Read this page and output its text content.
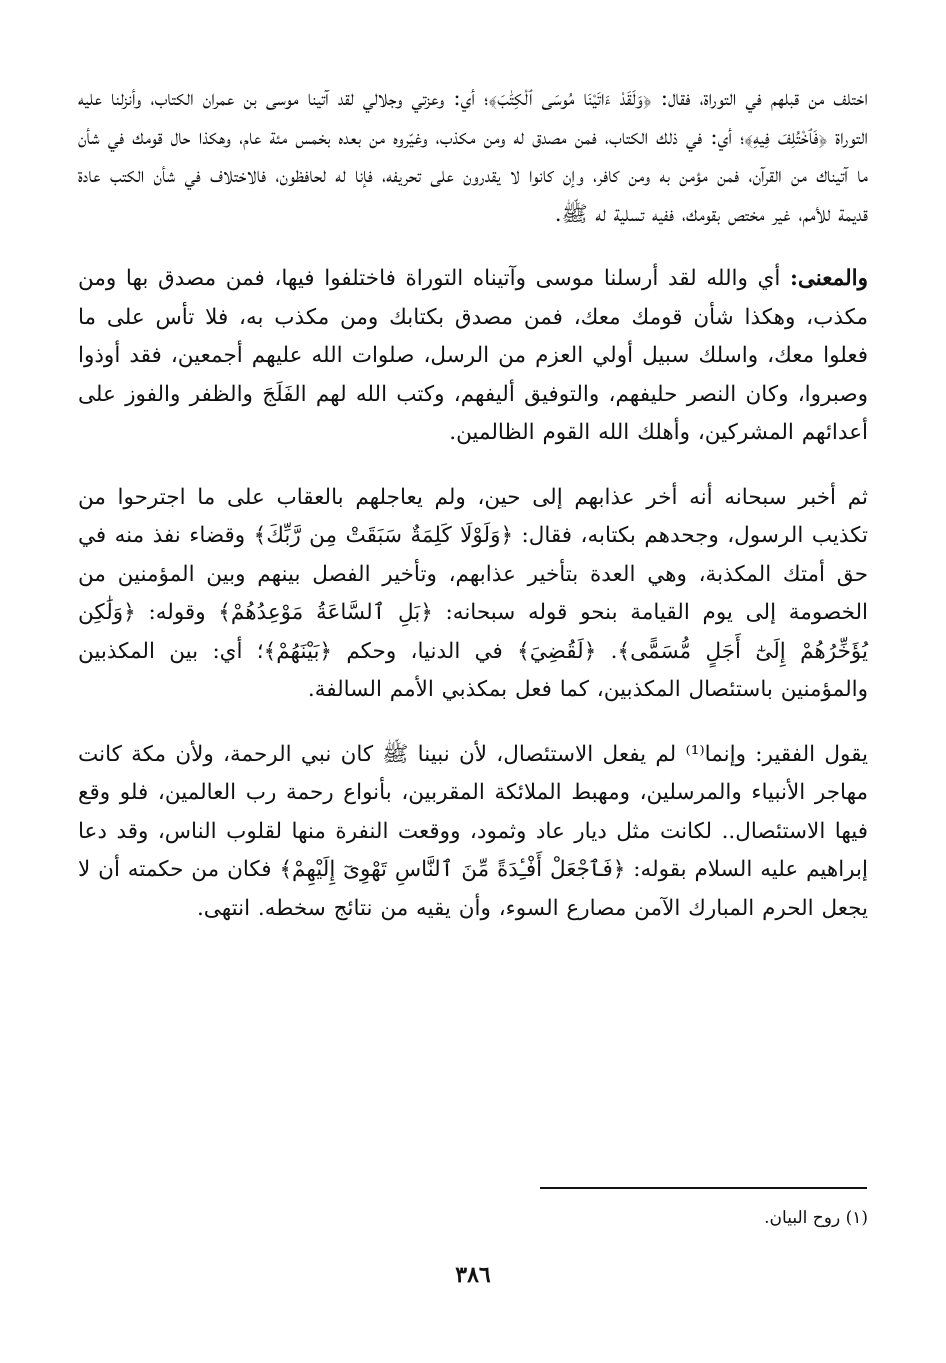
اختلف من قبلهم في التوراة، فقال: ﴿وَلَقَدْ ءَاتَيْنَا مُوسَى ٱلْكِتَٰبَ﴾؛ أي: وعزتي وجلالي لقد آتينا موسى بن عمران الكتاب، وأنزلنا عليه التوراة ﴿فَٱخْتُلِفَ فِيهِ﴾؛ أي: في ذلك الكتاب، فمن مصدق له ومن مكذب، وغيّروه من بعده بخمس مئة عام، وهكذا حال قومك في شأن ما آتيناك من القرآن، فمن مؤمن به ومن كافر، وإن كانوا لا يقدرون على تحريفه، فإنا له لحافظون، فالاختلاف في شأن الكتب عادة قديمة للأمم، غير مختص بقومك، ففيه تسلية له ﷺ.

والمعنى: أي والله لقد أرسلنا موسى وآتيناه التوراة فاختلفوا فيها، فمن مصدق بها ومن مكذب، وهكذا شأن قومك معك، فمن مصدق بكتابك ومن مكذب به، فلا تأس على ما فعلوا معك، واسلك سبيل أولي العزم من الرسل، صلوات الله عليهم أجمعين، فقد أوذوا وصبروا، وكان النصر حليفهم، والتوفيق أليفهم، وكتب الله لهم الفَلَجَ والظفر والفوز على أعدائهم المشركين، وأهلك الله القوم الظالمين.

ثم أخبر سبحانه أنه أخر عذابهم إلى حين، ولم يعاجلهم بالعقاب على ما اجترحوا من تكذيب الرسول، وجحدهم بكتابه، فقال: ﴿وَلَوْلَا كَلِمَةٌ سَبَقَتْ مِن رَّبِّكَ﴾ وقضاء نفذ منه في حق أمتك المكذبة، وهي العدة بتأخير عذابهم، وتأخير الفصل بينهم وبين المؤمنين من الخصومة إلى يوم القيامة بنحو قوله سبحانه: ﴿بَلِ ٱلسَّاعَةُ مَوْعِدُهُمْ﴾ وقوله: ﴿وَلَٰكِن يُؤَخِّرُهُمْ إِلَىٰٓ أَجَلٍ مُّسَمًّى﴾. ﴿لَقُضِيَ﴾ في الدنيا، وحكم ﴿بَيْنَهُمْ﴾؛ أي: بين المكذبين والمؤمنين باستئصال المكذبين، كما فعل بمكذبي الأمم السالفة.

يقول الفقير: وإنما⁽¹⁾ لم يفعل الاستئصال، لأن نبينا ﷺ كان نبي الرحمة، ولأن مكة كانت مهاجر الأنبياء والمرسلين، ومهبط الملائكة المقربين، بأنواع رحمة رب العالمين، فلو وقع فيها الاستئصال.. لكانت مثل ديار عاد وثمود، ووقعت النفرة منها لقلوب الناس، وقد دعا إبراهيم عليه السلام بقوله: ﴿فَٱجْعَلْ أَفْـِٔدَةً مِّنَ ٱلنَّاسِ تَهْوِىٓ إِلَيْهِمْ﴾ فكان من حكمته أن لا يجعل الحرم المبارك الآمن مصارع السوء، وأن يقيه من نتائج سخطه. انتهى.

(١) روح البيان.
٣٨٦
